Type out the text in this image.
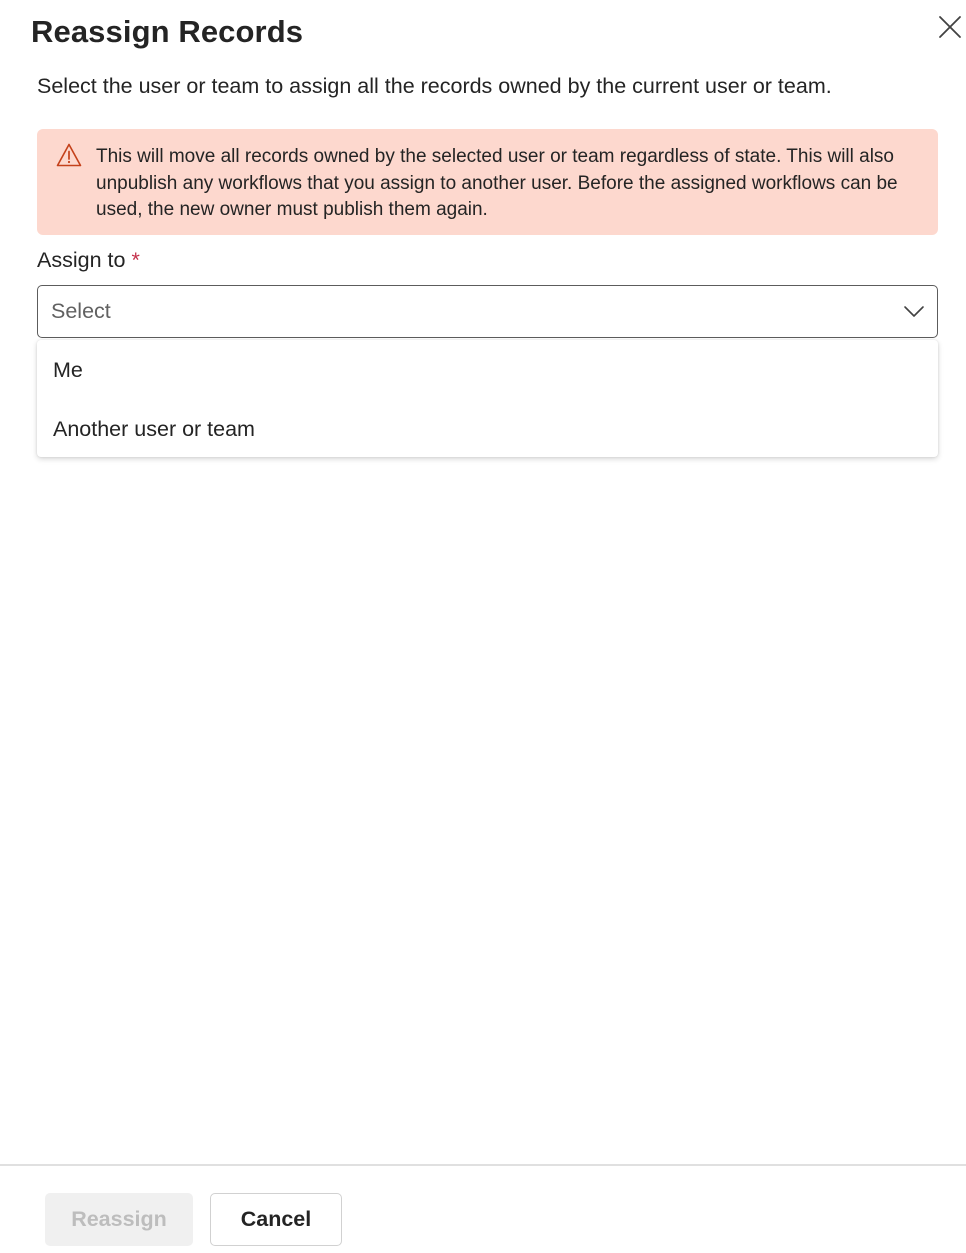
Reassign Records

Select the user or team to assign all the records owned by the current user or team.

This will move all records owned by the selected user or team regardless of state. This will also unpublish any workflows that you assign to another user. Before the assigned workflows can be used, the new owner must publish them again.

Assign to *
Select
Me
Another user or team
Reassign	Cancel
